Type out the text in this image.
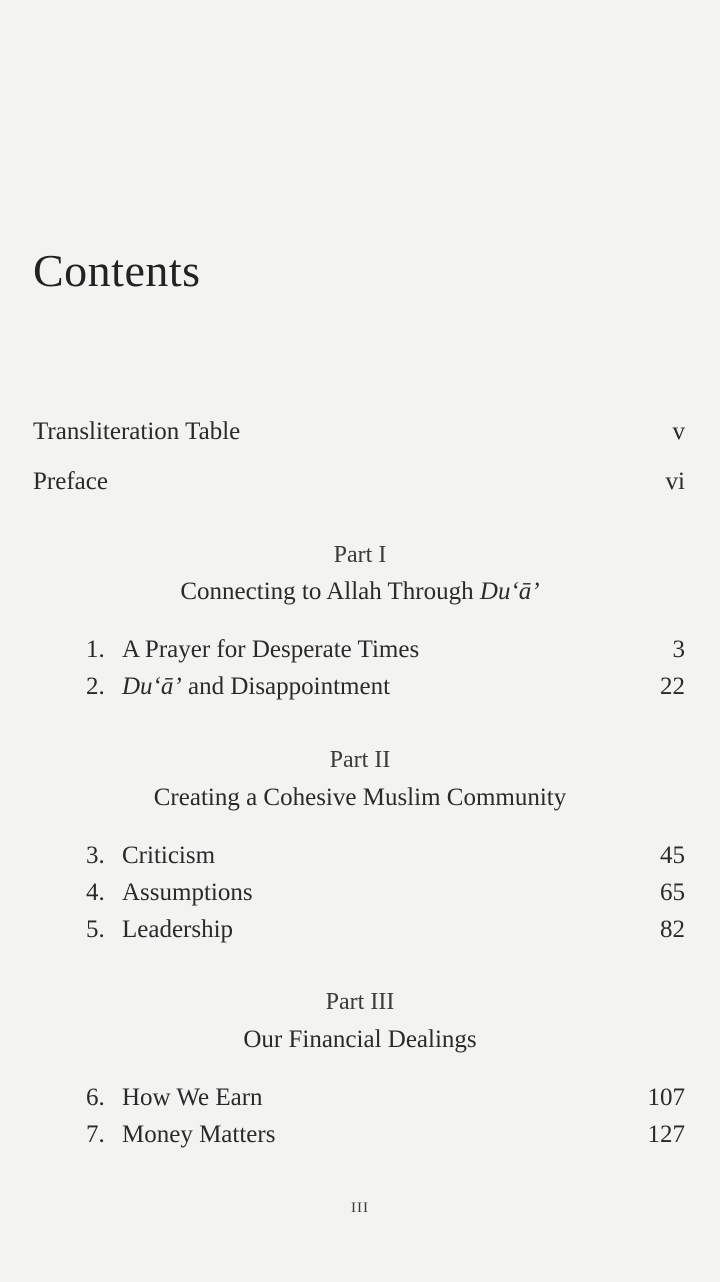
Contents
Transliteration Table	v
Preface	vi
Part I
Connecting to Allah Through Du‘ā’
1. A Prayer for Desperate Times	3
2. Du‘ā’ and Disappointment	22
Part II
Creating a Cohesive Muslim Community
3. Criticism	45
4. Assumptions	65
5. Leadership	82
Part III
Our Financial Dealings
6. How We Earn	107
7. Money Matters	127
III
